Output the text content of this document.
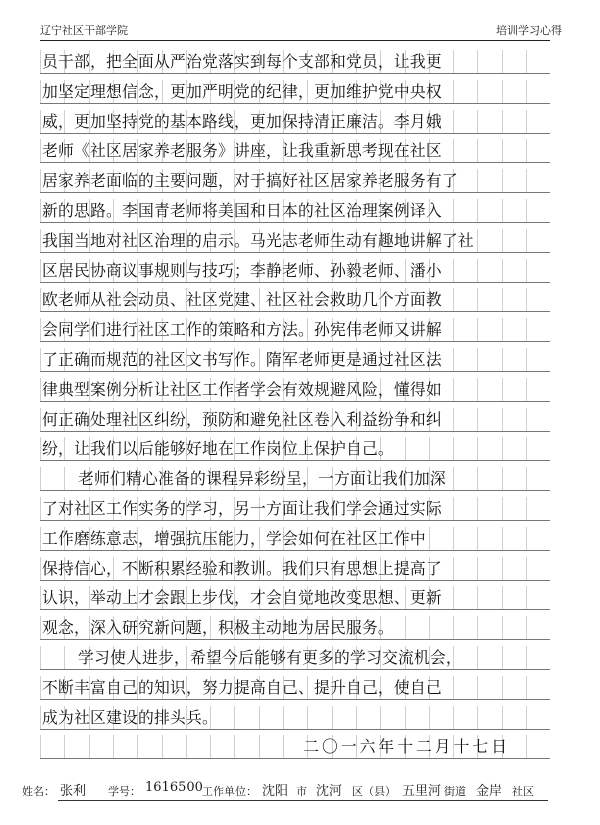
辽宁社区干部学院	培训学习心得
员干部，把全面从严治党落实到每个支部和党员，让我更
加坚定理想信念，更加严明党的纪律，更加维护党中央权
威，更加坚持党的基本路线，更加保持清正廉洁。李月娥
老师《社区居家养老服务》讲座，让我重新思考现在社区
居家养老面临的主要问题，对于搞好社区居家养老服务有了
新的思路。李国青老师将美国和日本的社区治理案例译入
我国当地对社区治理的启示。马光志老师生动有趣地讲解了社
区居民协商议事规则与技巧；李静老师、孙毅老师、潘小
欧老师从社会动员、社区党建、社区社会救助几个方面教
会同学们进行社区工作的策略和方法。孙宪伟老师又讲解
了正确而规范的社区文书写作。隋军老师更是通过社区法
律典型案例分析让社区工作者学会有效规避风险，懂得如
何正确处理社区纠纷，预防和避免社区卷入利益纷争和纠
纷，让我们以后能够好地在工作岗位上保护自己。
老师们精心准备的课程异彩纷呈，一方面让我们加深
了对社区工作实务的学习，另一方面让我们学会通过实际
工作磨练意志，增强抗压能力，学会如何在社区工作中
保持信心，不断积累经验和教训。我们只有思想上提高了
认识，举动上才会跟上步伐，才会自觉地改变思想、更新
观念，深入研究新问题，积极主动地为居民服务。
学习使人进步，希望今后能够有更多的学习交流机会，
不断丰富自己的知识，努力提高自己、提升自己，使自己
成为社区建设的排头兵。
二〇一六年十二月十七日
姓名： 张利 学号： 1616500 工作单位： 沈阳 市 沈河 区（县） 五里河 街道 金岸 社区
